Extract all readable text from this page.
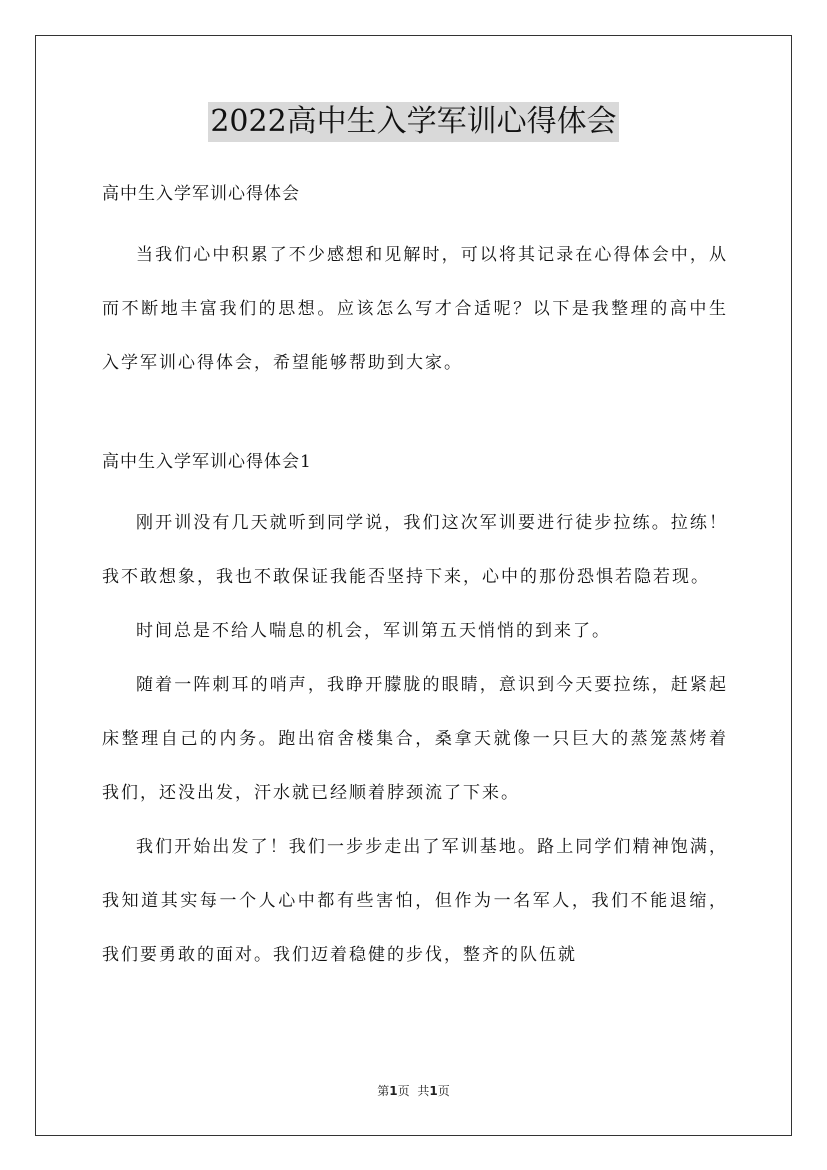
2022高中生入学军训心得体会

高中生入学军训心得体会

当我们心中积累了不少感想和见解时，可以将其记录在心得体会中，从而不断地丰富我们的思想。应该怎么写才合适呢？以下是我整理的高中生入学军训心得体会，希望能够帮助到大家。

高中生入学军训心得体会1

刚开训没有几天就听到同学说，我们这次军训要进行徒步拉练。拉练！我不敢想象，我也不敢保证我能否坚持下来，心中的那份恐惧若隐若现。

时间总是不给人喘息的机会，军训第五天悄悄的到来了。

随着一阵刺耳的哨声，我睁开朦胧的眼睛，意识到今天要拉练，赶紧起床整理自己的内务。跑出宿舍楼集合，桑拿天就像一只巨大的蒸笼蒸烤着我们，还没出发，汗水就已经顺着脖颈流了下来。

我们开始出发了！我们一步步走出了军训基地。路上同学们精神饱满，我知道其实每一个人心中都有些害怕，但作为一名军人，我们不能退缩，我们要勇敢的面对。我们迈着稳健的步伐，整齐的队伍就

第1页 共1页
